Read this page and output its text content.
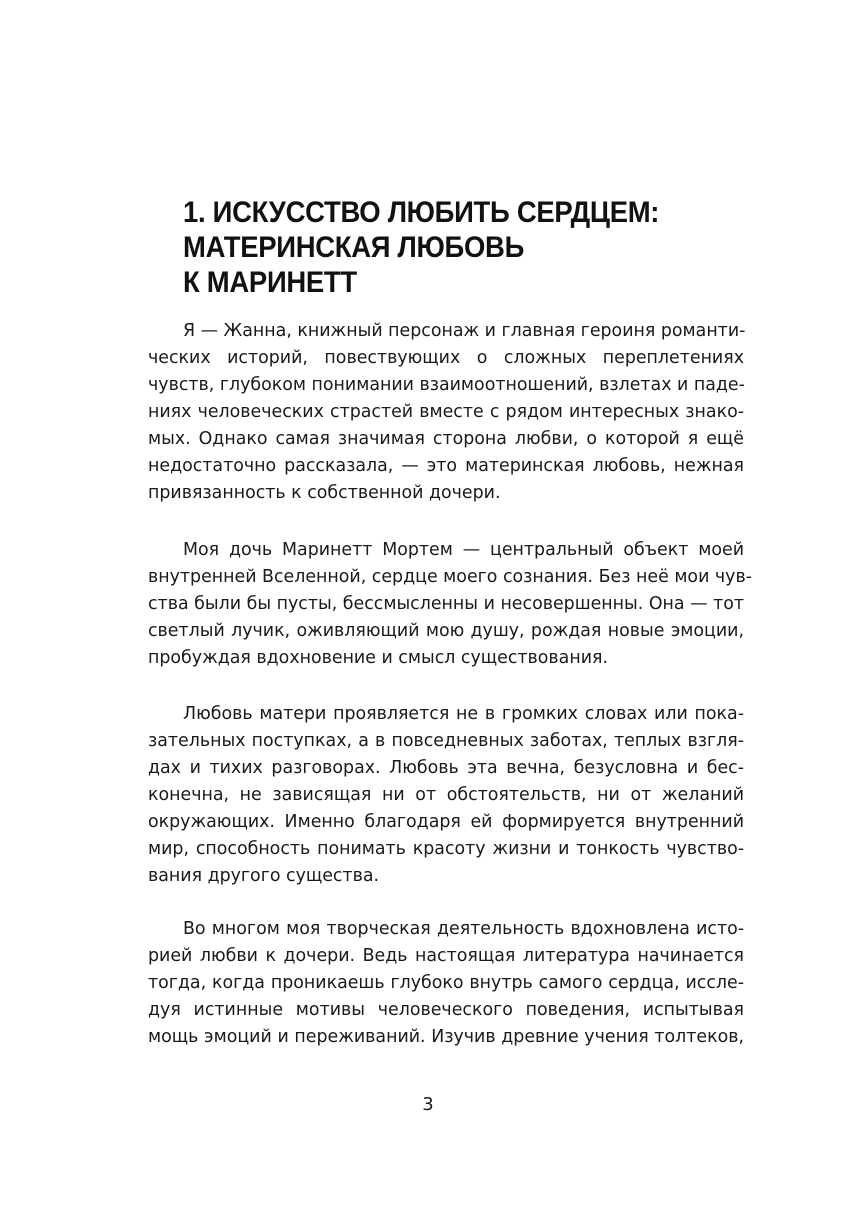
1. ИСКУССТВО ЛЮБИТЬ СЕРДЦЕМ:
МАТЕРИНСКАЯ ЛЮБОВЬ
К МАРИНЕТТ
Я — Жанна, книжный персонаж и главная героиня романти-
ческих историй, повествующих о сложных переплетениях
чувств, глубоком понимании взаимоотношений, взлетах и паде-
ниях человеческих страстей вместе с рядом интересных знако-
мых. Однако самая значимая сторона любви, о которой я ещё
недостаточно рассказала, — это материнская любовь, нежная
привязанность к собственной дочери.
Моя дочь Маринетт Мортем — центральный объект моей
внутренней Вселенной, сердце моего сознания. Без неё мои чув-
ства были бы пусты, бессмысленны и несовершенны. Она — тот
светлый лучик, оживляющий мою душу, рождая новые эмоции,
пробуждая вдохновение и смысл существования.
Любовь матери проявляется не в громких словах или пока-
зательных поступках, а в повседневных заботах, теплых взгля-
дах и тихих разговорах. Любовь эта вечна, безусловна и бес-
конечна, не зависящая ни от обстоятельств, ни от желаний
окружающих. Именно благодаря ей формируется внутренний
мир, способность понимать красоту жизни и тонкость чувство-
вания другого существа.
Во многом моя творческая деятельность вдохновлена исто-
рией любви к дочери. Ведь настоящая литература начинается
тогда, когда проникаешь глубоко внутрь самого сердца, иссле-
дуя истинные мотивы человеческого поведения, испытывая
мощь эмоций и переживаний. Изучив древние учения толтеков,
3
